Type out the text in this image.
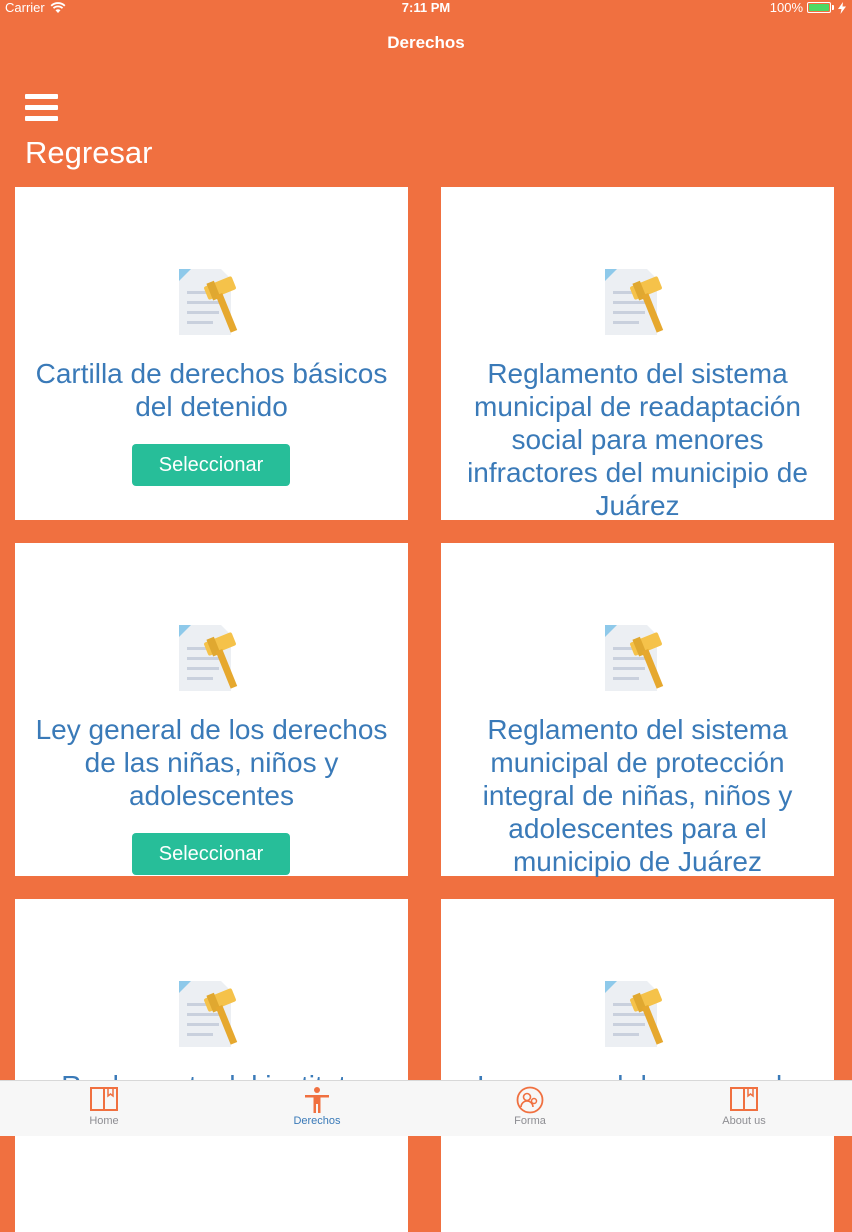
Cartilla de derechos básicos del detenido
Seleccionar
Reglamento del sistema municipal de readaptación social para menores infractores del municipio de Juárez
Ley general de los derechos de las niñas, niños y adolescentes
Seleccionar
Reglamento del sistema municipal de protección integral de niñas, niños y adolescentes para el municipio de Juárez
Carrier	7:11 PM	100%
Derechos
Regresar
Home	Derechos	Forma	About us
